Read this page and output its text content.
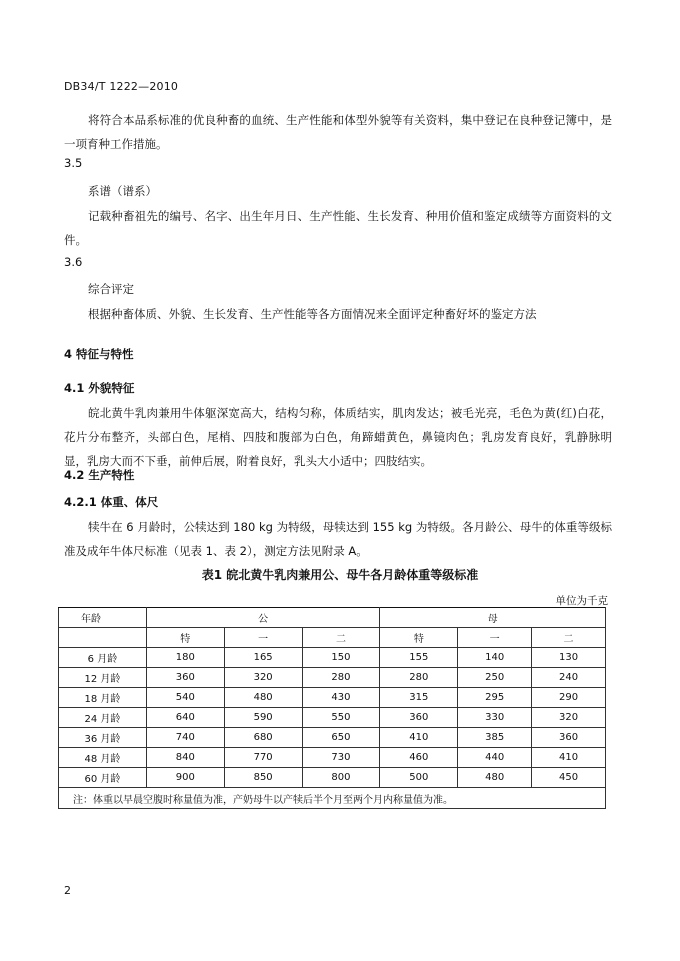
DB34/T 1222—2010
将符合本品系标准的优良种畜的血统、生产性能和体型外貌等有关资料，集中登记在良种登记簿中，是一项育种工作措施。
3.5
系谱（谱系）
记载种畜祖先的编号、名字、出生年月日、生产性能、生长发育、种用价值和鉴定成绩等方面资料的文件。
3.6
综合评定
根据种畜体质、外貌、生长发育、生产性能等各方面情况来全面评定种畜好坏的鉴定方法
4 特征与特性
4.1 外貌特征
皖北黄牛乳肉兼用牛体躯深宽高大，结构匀称，体质结实，肌肉发达；被毛光亮，毛色为黄(红)白花，花片分布整齐，头部白色，尾梢、四肢和腹部为白色，角蹄蜡黄色，鼻镜肉色；乳房发育良好，乳静脉明显，乳房大而不下垂，前伸后展，附着良好，乳头大小适中；四肢结实。
4.2 生产特性
4.2.1 体重、体尺
犊牛在 6 月龄时，公犊达到 180 kg 为特级，母犊达到 155 kg 为特级。各月龄公、母牛的体重等级标准及成年牛体尺标准（见表 1、表 2），测定方法见附录 A。
表1 皖北黄牛乳肉兼用公、母牛各月龄体重等级标准
单位为千克
年龄	公			母		
	特	一	二	特	一	二
6 月龄	180	165	150	155	140	130
12 月龄	360	320	280	280	250	240
18 月龄	540	480	430	315	295	290
24 月龄	640	590	550	360	330	320
36 月龄	740	680	650	410	385	360
48 月龄	840	770	730	460	440	410
60 月龄	900	850	800	500	480	450
注：体重以早晨空腹时称量值为准，产奶母牛以产犊后半个月至两个月内称量值为准。						
2
